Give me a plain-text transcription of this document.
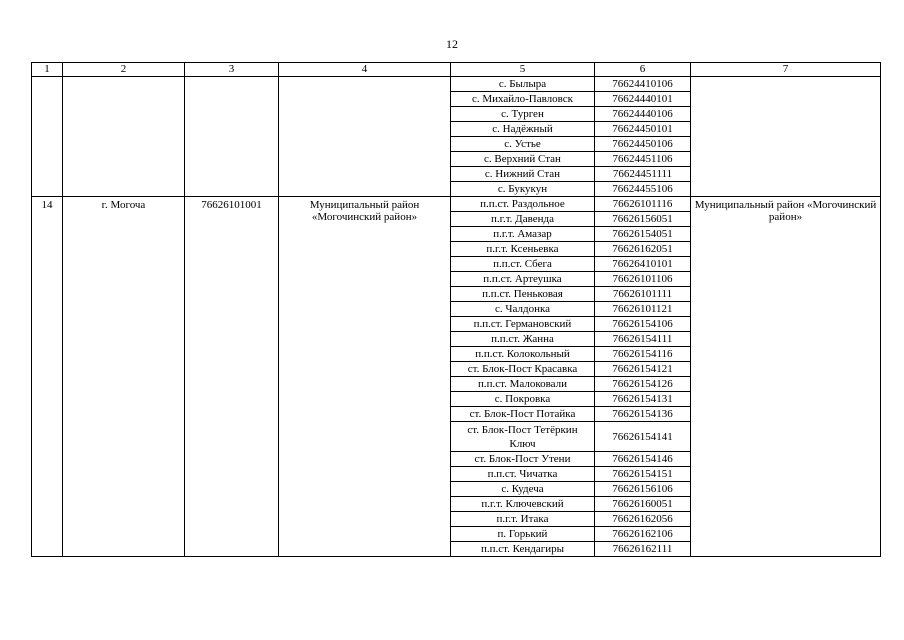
12
1	2	3	4	5	6	7
				с. Былыра	76624410106	
				с. Михайло-Павловск	76624440101	
				с. Турген	76624440106	
				с. Надёжный	76624450101	
				с. Устье	76624450106	
				с. Верхний Стан	76624451106	
				с. Нижний Стан	76624451111	
				с. Букукун	76624455106	
14	г. Могоча	76626101001	Муниципальный район «Могочинский район»	п.п.ст. Раздольное	76626101116	Муниципальный район «Могочинский район»
				п.г.т. Давенда	76626156051	
				п.г.т. Амазар	76626154051	
				п.г.т. Ксеньевка	76626162051	
				п.п.ст. Сбега	76626410101	
				п.п.ст. Артеушка	76626101106	
				п.п.ст. Пеньковая	76626101111	
				с. Чалдонка	76626101121	
				п.п.ст. Германовский	76626154106	
				п.п.ст. Жанна	76626154111	
				п.п.ст. Колокольный	76626154116	
				ст. Блок-Пост Красавка	76626154121	
				п.п.ст. Малоковали	76626154126	
				с. Покровка	76626154131	
				ст. Блок-Пост Потайка	76626154136	
				ст. Блок-Пост Тетёркин Ключ	76626154141	
				ст. Блок-Пост Утени	76626154146	
				п.п.ст. Чичатка	76626154151	
				с. Кудеча	76626156106	
				п.г.т. Ключевский	76626160051	
				п.г.т. Итака	76626162056	
				п. Горький	76626162106	
				п.п.ст. Кендагиры	76626162111	
